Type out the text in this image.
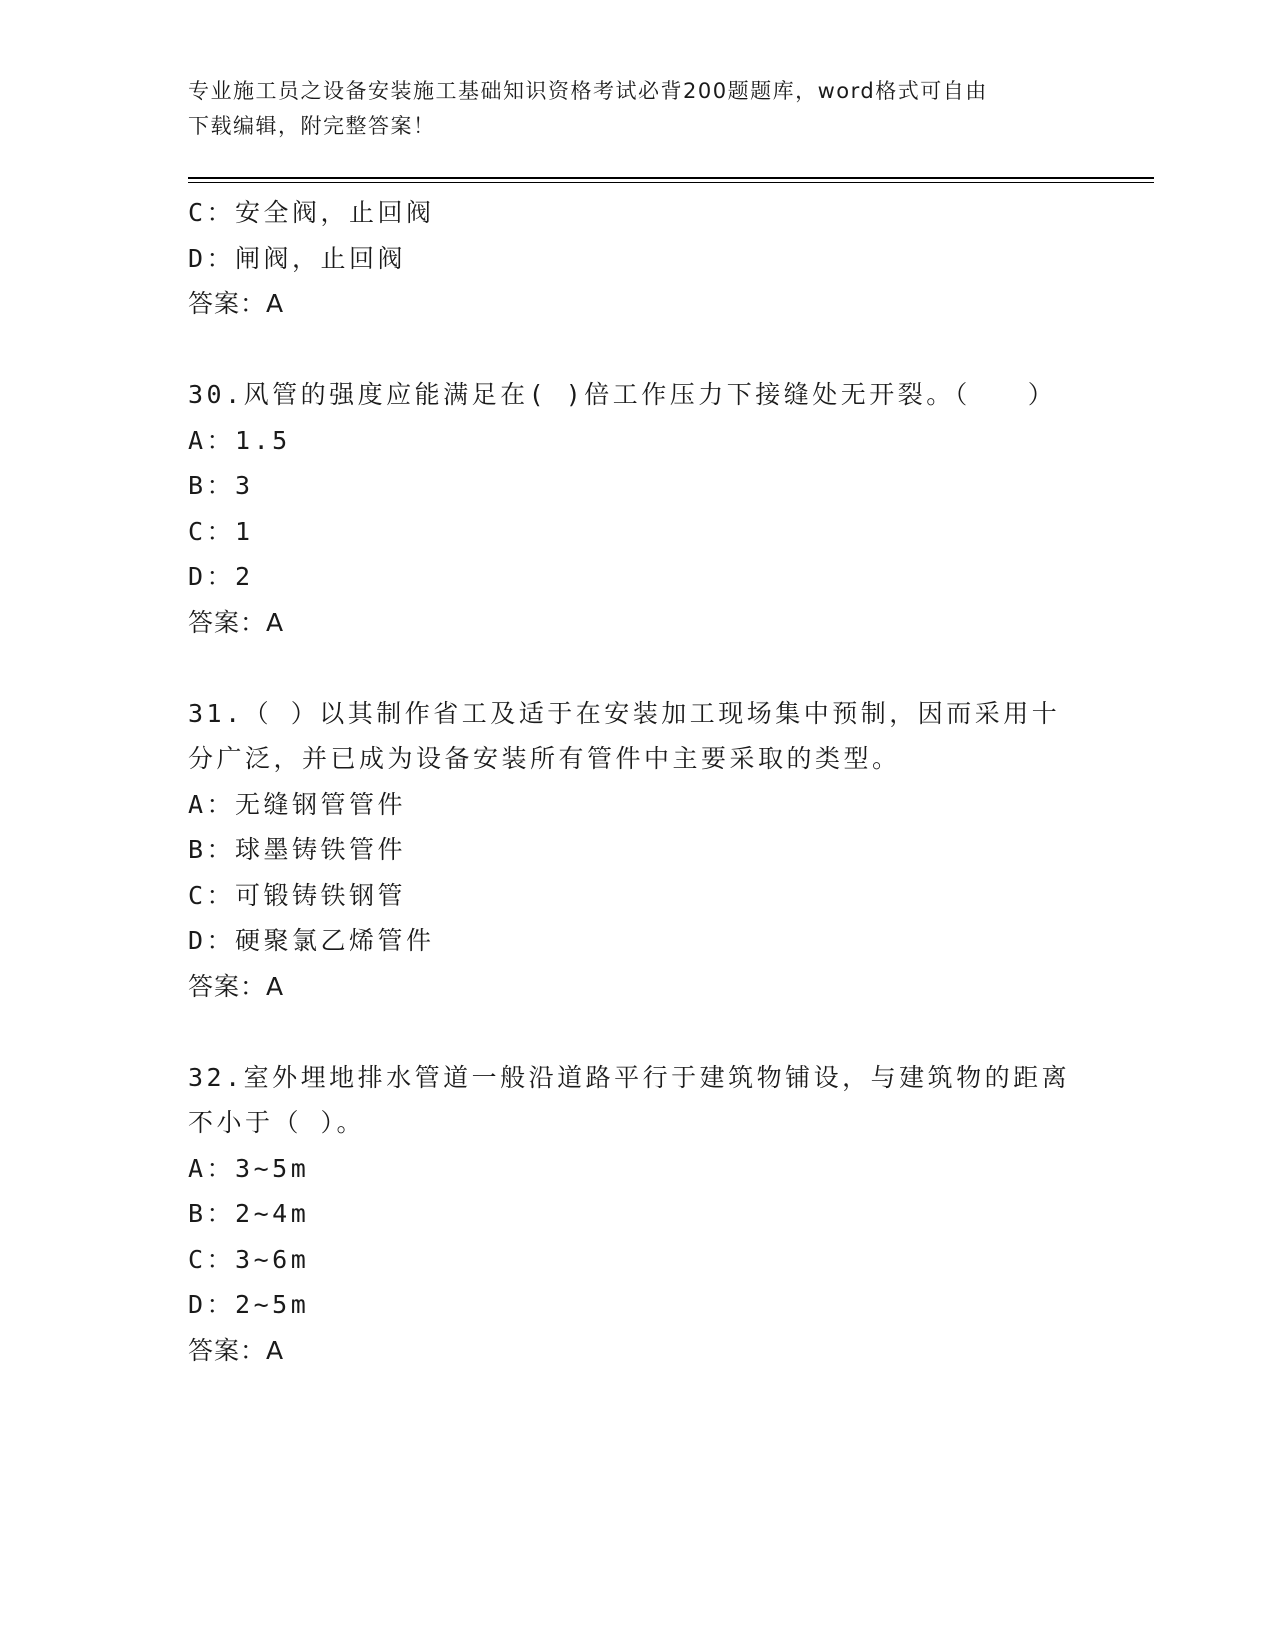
专业施工员之设备安装施工基础知识资格考试必背200题题库，word格式可自由
下载编辑，附完整答案！
C：安全阀，止回阀
D：闸阀，止回阀
答案：A
30.风管的强度应能满足在( )倍工作压力下接缝处无开裂。（　　）
A：1.5
B：3
C：1
D：2
答案：A
31.（ ）以其制作省工及适于在安装加工现场集中预制，因而采用十
分广泛，并已成为设备安装所有管件中主要采取的类型。
A：无缝钢管管件
B：球墨铸铁管件
C：可锻铸铁钢管
D：硬聚氯乙烯管件
答案：A
32.室外埋地排水管道一般沿道路平行于建筑物铺设，与建筑物的距离
不小于（ ）。
A：3~5m
B：2~4m
C：3~6m
D：2~5m
答案：A
